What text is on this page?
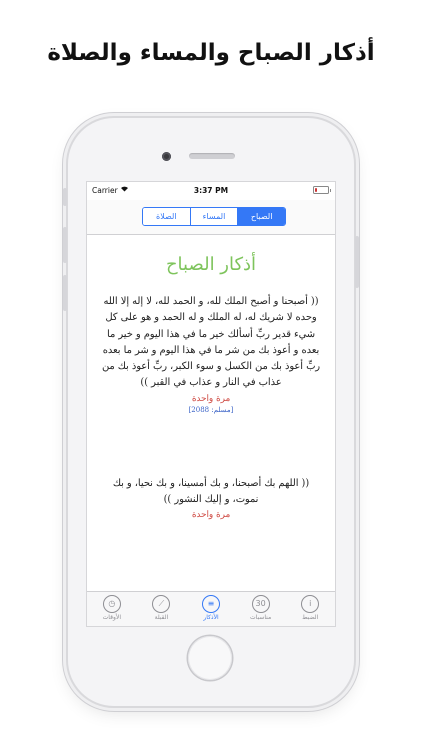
أذكار الصباح والمساء والصلاة
Carrier	3:37 PM
الصباح
المساء
الصلاة
أذكار الصباح
(( أصبحنا و أصبح الملك لله، و الحمد لله، لا إله إلا الله وحده لا شريك له، له الملك و له الحمد و هو على كل شيء قدير ربِّ أسألك خير ما في هذا اليوم و خير ما بعده و أعوذ بك من شر ما في هذا اليوم و شر ما بعده ربِّ أعوذ بك من الكسل و سوء الكبر، ربِّ أعوذ بك من عذاب في النار و عذاب في القبر ))
مرة واحدة
[مسلم: 2088]
(( اللهم بك أصبحنا، و بك أمسينا، و بك نحيا، و بك نموت، و إليك النشور ))
مرة واحدة
i
الضبط
30
مناسبات
≡
الأذكار
⟋
القبلة
◷
الأوقات
